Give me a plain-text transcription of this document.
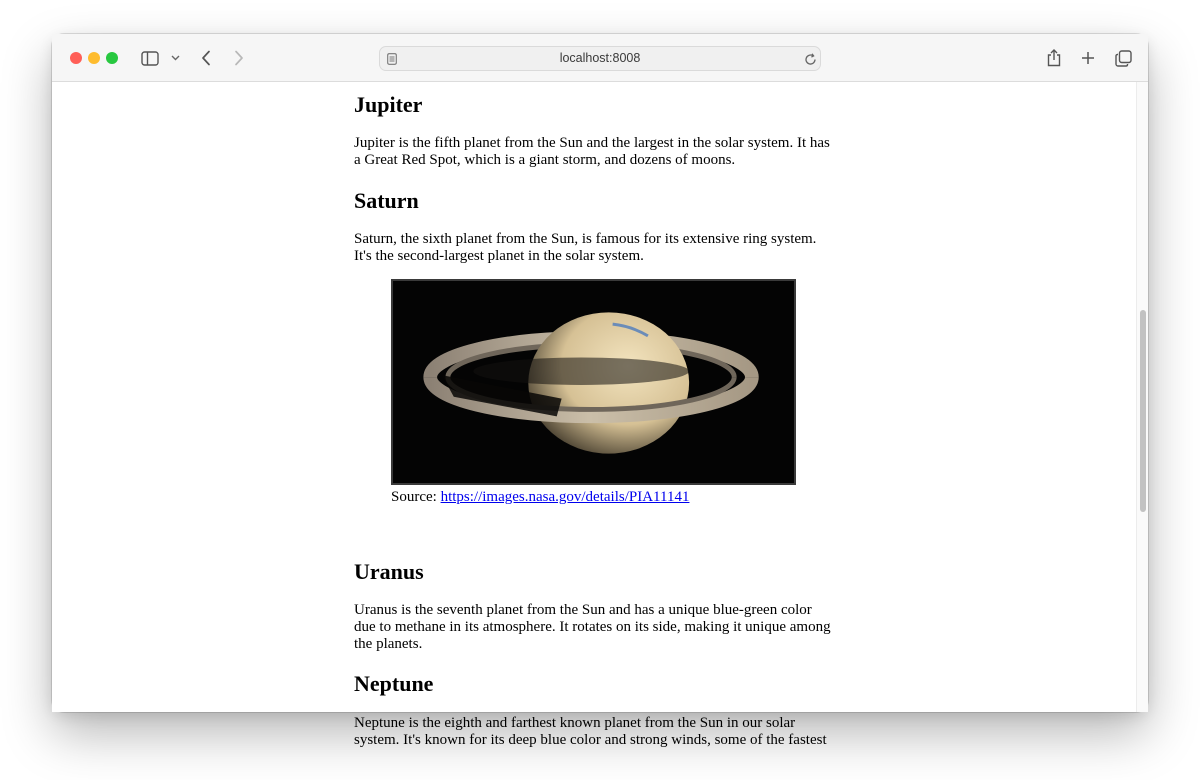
localhost:8008
Jupiter

Jupiter is the fifth planet from the Sun and the largest in the solar system. It has a Great Red Spot, which is a giant storm, and dozens of moons.

Saturn

Saturn, the sixth planet from the Sun, is famous for its extensive ring system. It's the second-largest planet in the solar system.

Source: https://images.nasa.gov/details/PIA11141
Uranus

Uranus is the seventh planet from the Sun and has a unique blue-green color due to methane in its atmosphere. It rotates on its side, making it unique among the planets.

Neptune

Neptune is the eighth and farthest known planet from the Sun in our solar system. It's known for its deep blue color and strong winds, some of the fastest
